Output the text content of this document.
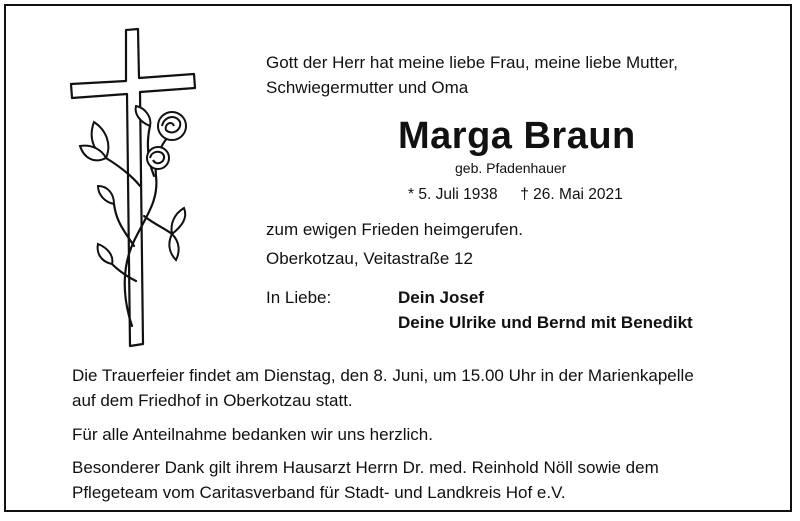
Gott der Herr hat meine liebe Frau, meine liebe Mutter,
Schwiegermutter und Oma
Marga Braun
geb. Pfadenhauer
* 5. Juli 1938 † 26. Mai 2021
zum ewigen Frieden heimgerufen.
Oberkotzau, Veitastraße 12
In Liebe:	Dein Josef
Deine Ulrike und Bernd mit Benedikt
Die Trauerfeier findet am Dienstag, den 8. Juni, um 15.00 Uhr in der Marienkapelle
auf dem Friedhof in Oberkotzau statt.
Für alle Anteilnahme bedanken wir uns herzlich.
Besonderer Dank gilt ihrem Hausarzt Herrn Dr. med. Reinhold Nöll sowie dem
Pflegeteam vom Caritasverband für Stadt- und Landkreis Hof e.V.
